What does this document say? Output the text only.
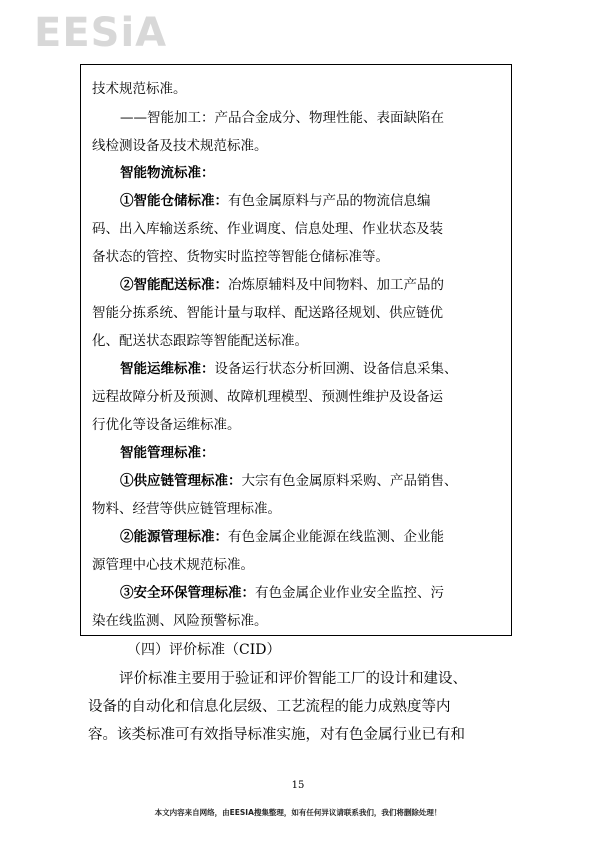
EESiA
技术规范标准。
——智能加工：产品合金成分、物理性能、表面缺陷在
线检测设备及技术规范标准。
智能物流标准：
①智能仓储标准：有色金属原料与产品的物流信息编
码、出入库输送系统、作业调度、信息处理、作业状态及装
备状态的管控、货物实时监控等智能仓储标准等。
②智能配送标准：冶炼原辅料及中间物料、加工产品的
智能分拣系统、智能计量与取样、配送路径规划、供应链优
化、配送状态跟踪等智能配送标准。
智能运维标准：设备运行状态分析回溯、设备信息采集、
远程故障分析及预测、故障机理模型、预测性维护及设备运
行优化等设备运维标准。
智能管理标准：
①供应链管理标准：大宗有色金属原料采购、产品销售、
物料、经营等供应链管理标准。
②能源管理标准：有色金属企业能源在线监测、企业能
源管理中心技术规范标准。
③安全环保管理标准：有色金属企业作业安全监控、污
染在线监测、风险预警标准。
（四）评价标准（CID）
评价标准主要用于验证和评价智能工厂的设计和建设、
设备的自动化和信息化层级、工艺流程的能力成熟度等内
容。该类标准可有效指导标准实施，对有色金属行业已有和
15
本文内容来自网络，由EESIA搜集整理，如有任何异议请联系我们，我们将删除处理！
